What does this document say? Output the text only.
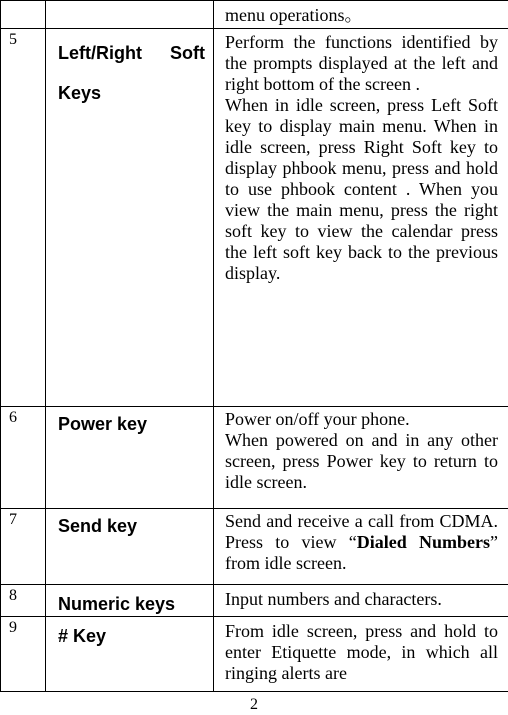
		menu operations。

5	Left/Right Soft Keys	Perform the functions identified by the prompts displayed at the left and right bottom of the screen .

When in idle screen, press Left Soft key to display main menu. When in idle screen, press Right Soft key to display phbook menu, press and hold to use phbook content . When you view the main menu, press the right soft key to view the calendar press the left soft key back to the previous display.

6	Power key	Power on/off your phone.

When powered on and in any other screen, press Power key to return to idle screen.

7	Send key	Send and receive a call from CDMA. Press to view “Dialed Numbers” from idle screen.

8	Numeric keys	Input numbers and characters.

9	# Key	From idle screen, press and hold to enter Etiquette mode, in which all ringing alerts are

2
